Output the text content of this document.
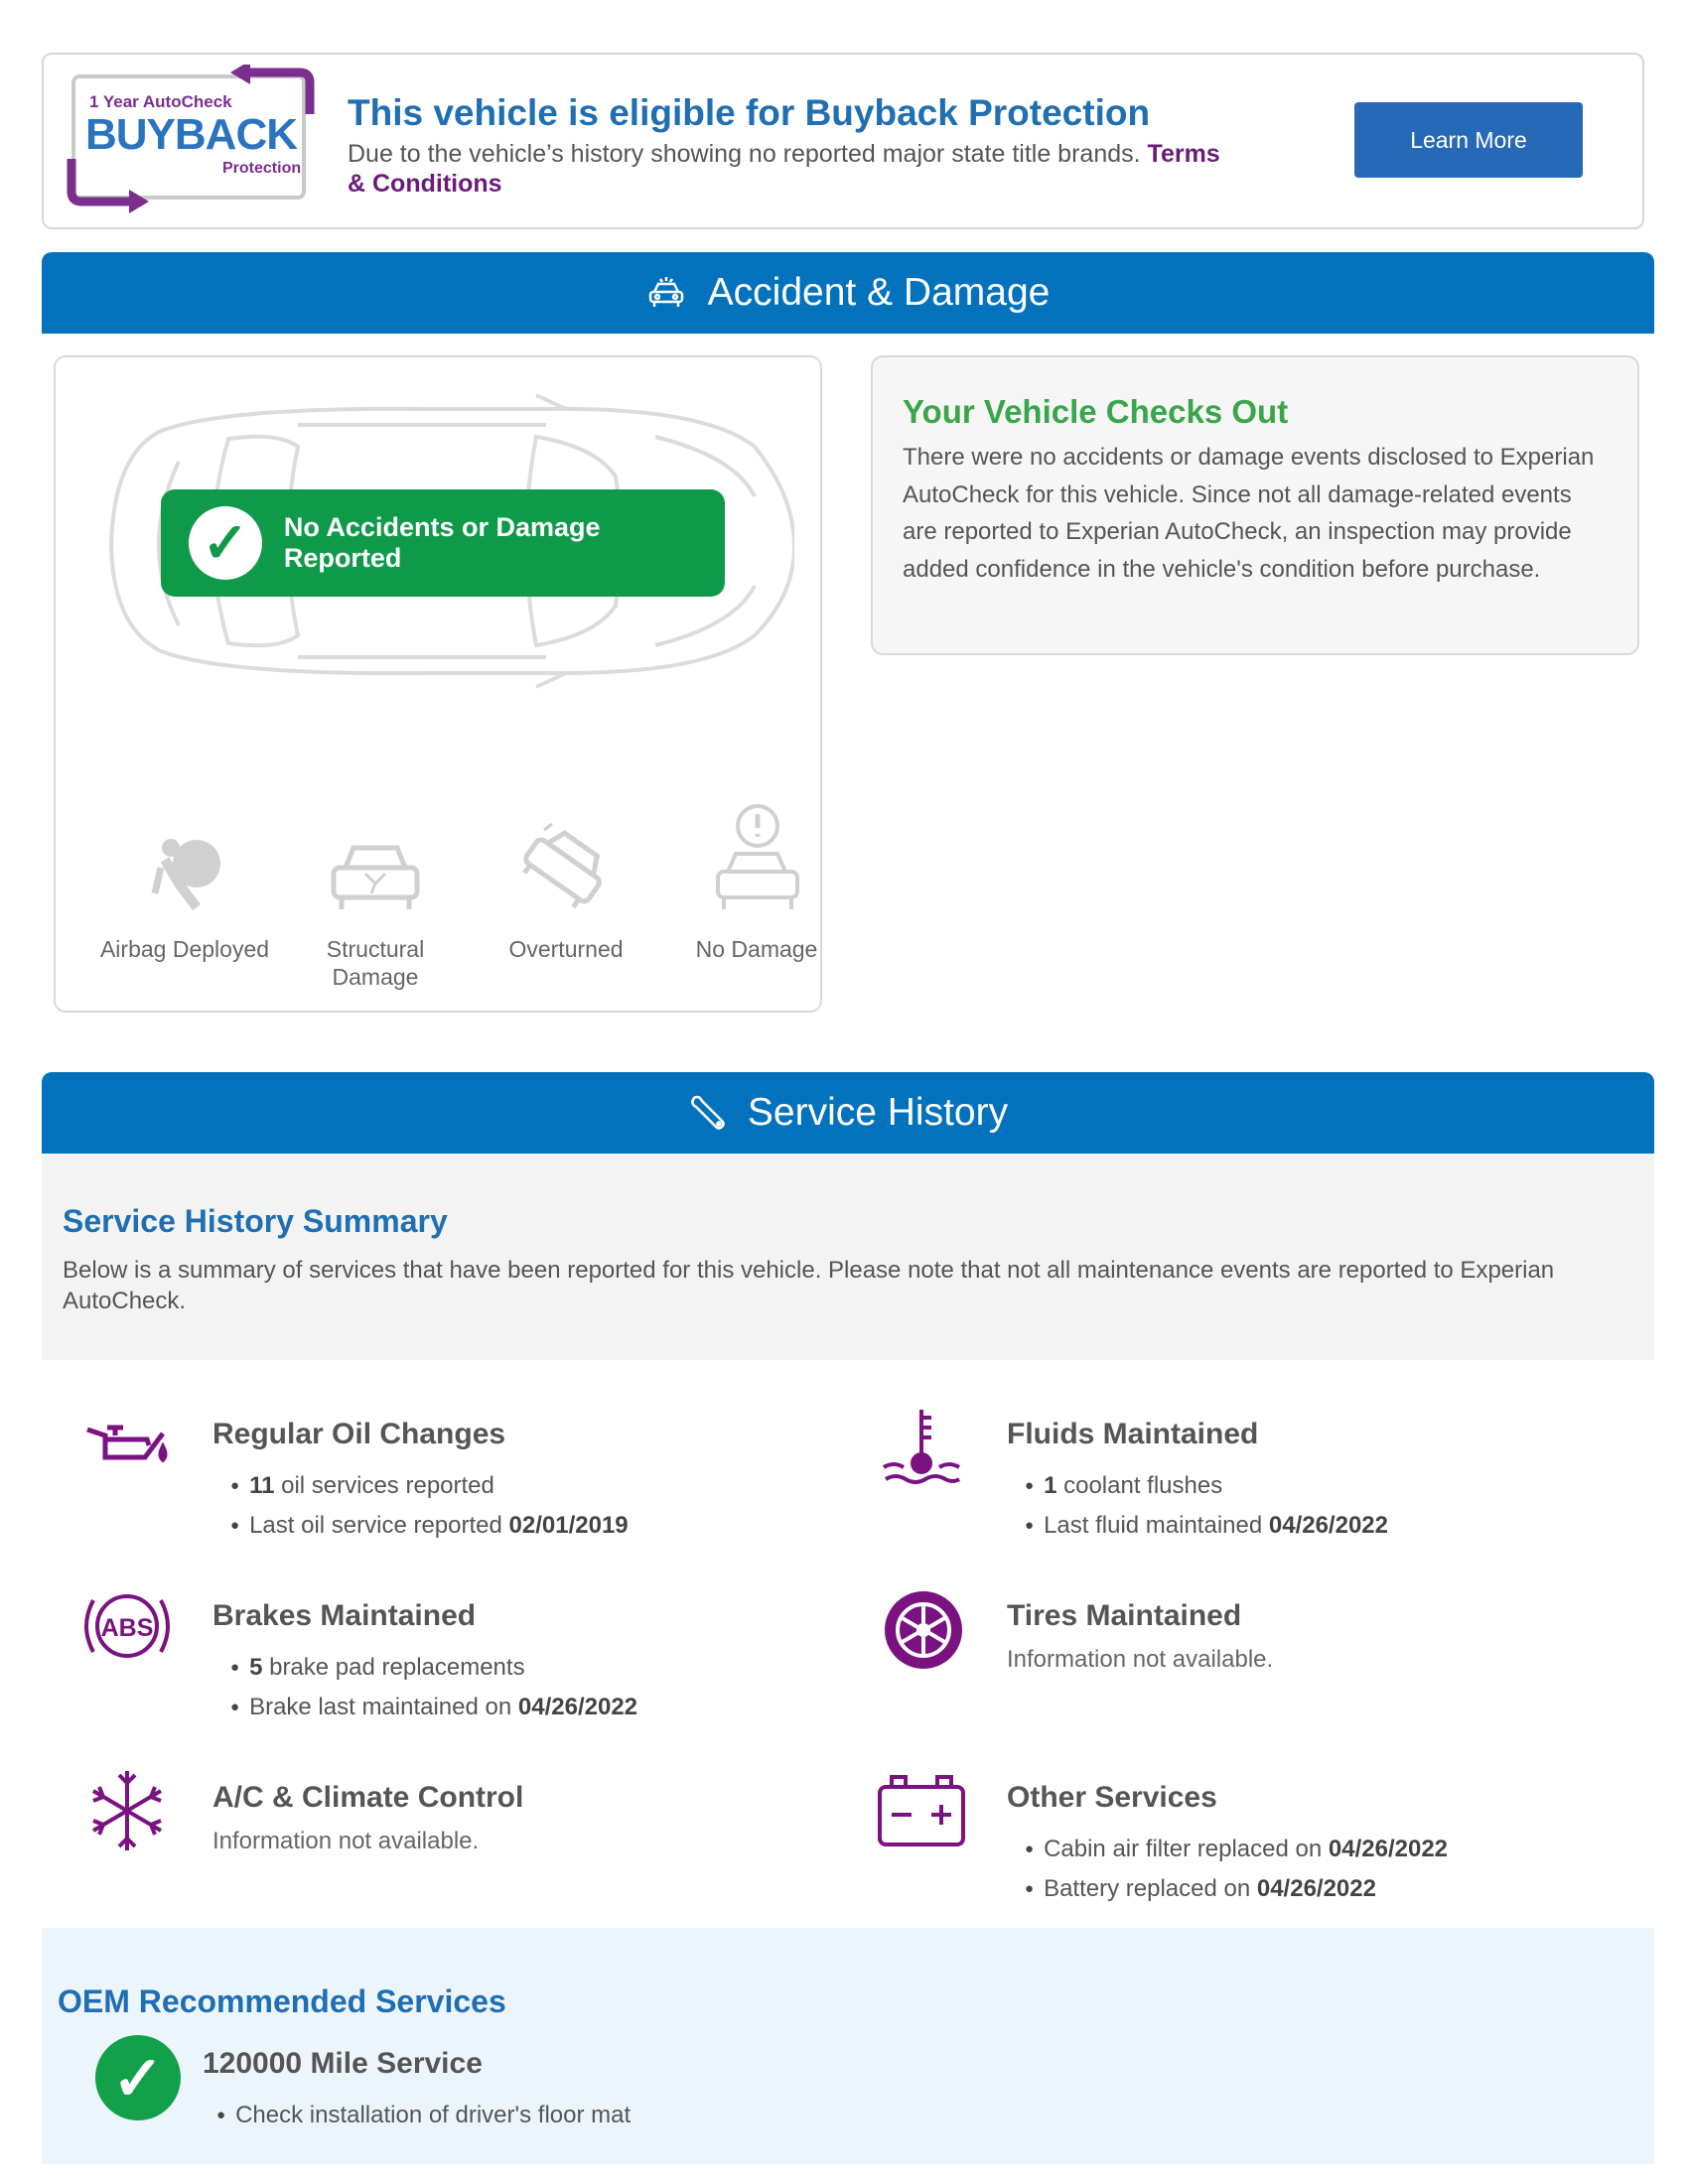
1 Year AutoCheck
BUYBACK
Protection
This vehicle is eligible for Buyback Protection
Due to the vehicle’s history showing no reported major state title brands. Terms & Conditions
Learn More
Accident & Damage
✓	No Accidents or Damage Reported
Airbag Deployed	Structural Damage
Overturned	No Damage
Your Vehicle Checks Out
There were no accidents or damage events disclosed to Experian AutoCheck for this vehicle. Since not all damage-related events are reported to Experian AutoCheck, an inspection may provide added confidence in the vehicle's condition before purchase.
Service History
Service History Summary
Below is a summary of services that have been reported for this vehicle. Please note that not all maintenance events are reported to Experian AutoCheck.
Regular Oil Changes
● 11 oil services reported
● Last oil service reported 02/01/2019
Fluids Maintained
● 1 coolant flushes
● Last fluid maintained 04/26/2022
ABS Brakes Maintained
● 5 brake pad replacements
● Brake last maintained on 04/26/2022
Tires Maintained
Information not available.
A/C & Climate Control
Information not available.
Other Services
● Cabin air filter replaced on 04/26/2022
● Battery replaced on 04/26/2022
OEM Recommended Services
✓	120000 Mile Service
● Check installation of driver's floor mat
